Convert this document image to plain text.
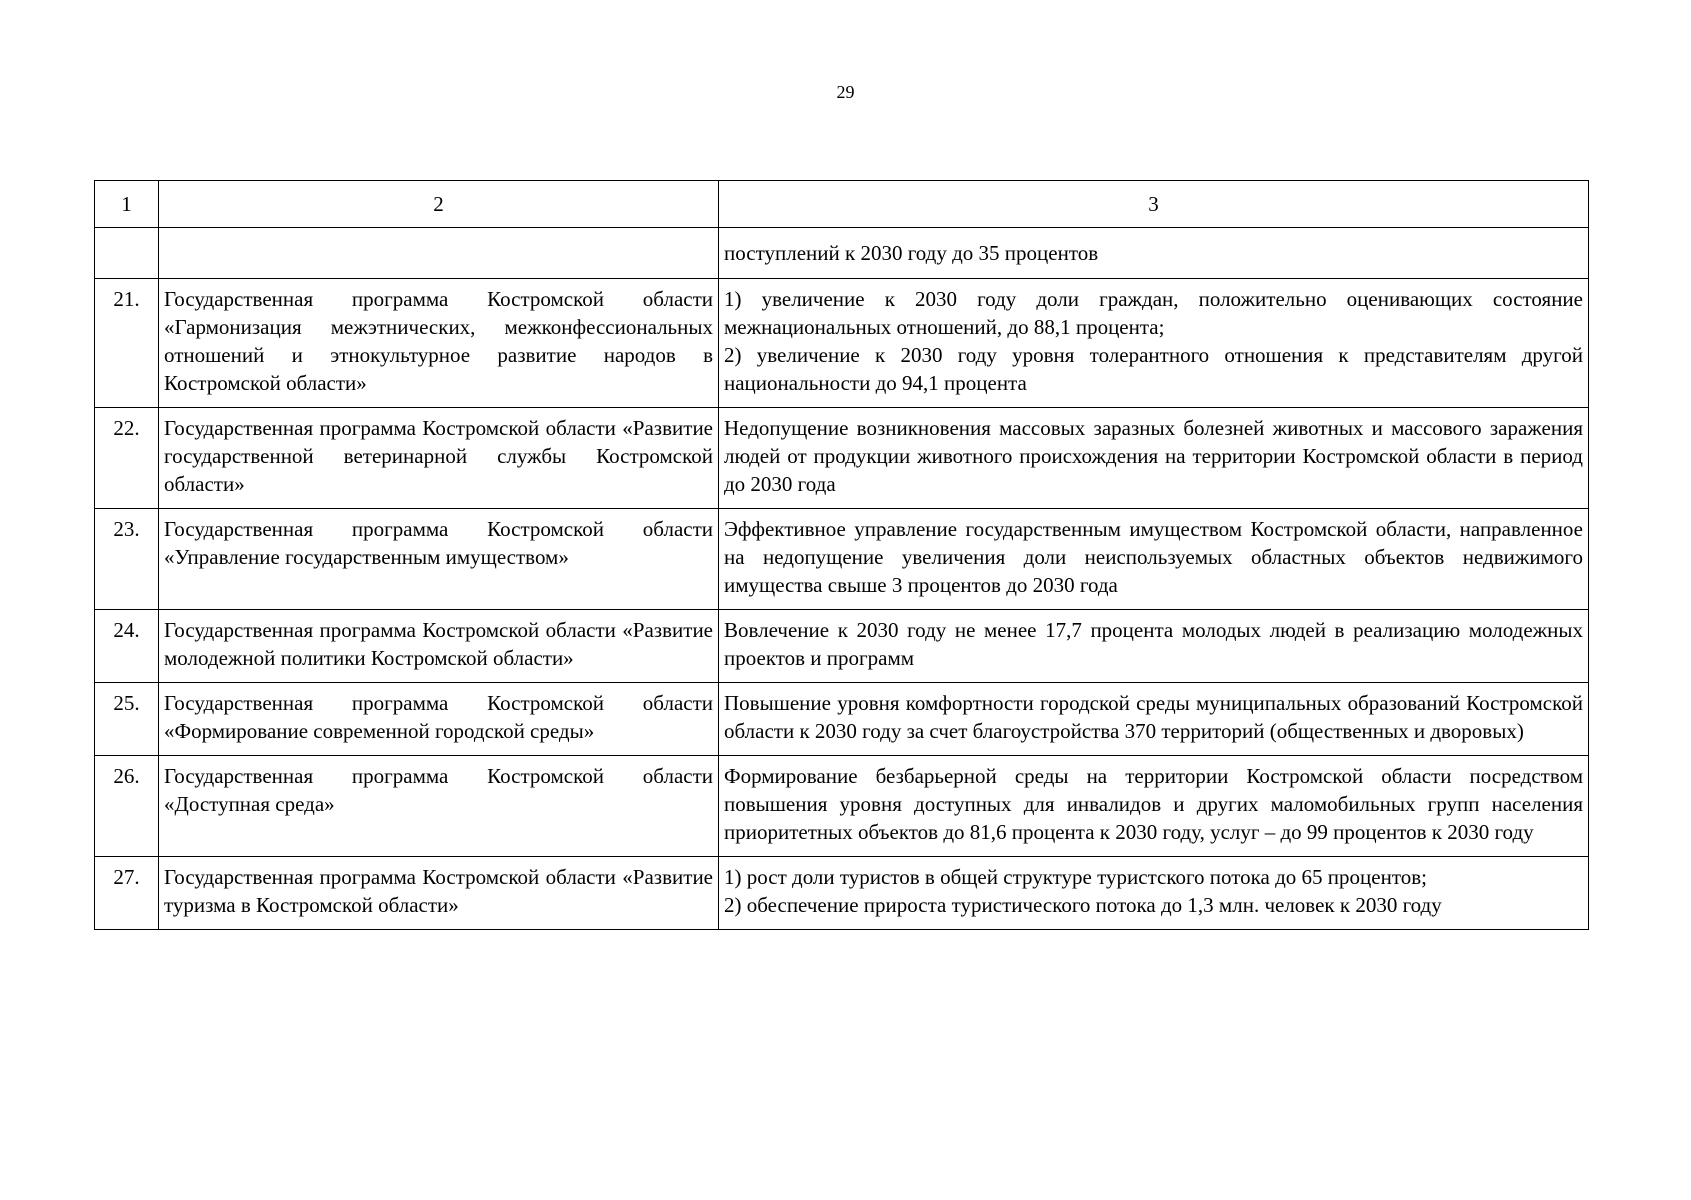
29
1	2	3
		поступлений к 2030 году до 35 процентов
21.	Государственная программа Костромской области «Гармонизация межэтнических, межконфессиональных отношений и этнокультурное развитие народов в Костромской области»	1) увеличение к 2030 году доли граждан, положительно оценивающих состояние межнациональных отношений, до 88,1 процента;
2) увеличение к 2030 году уровня толерантного отношения к представителям другой национальности до 94,1 процента

22.	Государственная программа Костромской области «Развитие государственной ветеринарной службы Костромской области»	Недопущение возникновения массовых заразных болезней животных и массового заражения людей от продукции животного происхождения на территории Костромской области в период до 2030 года

23.	Государственная программа Костромской области «Управление государственным имуществом»	Эффективное управление государственным имуществом Костромской области, направленное на недопущение увеличения доли неиспользуемых областных объектов недвижимого имущества свыше 3 процентов до 2030 года

24.	Государственная программа Костромской области «Развитие молодежной политики Костромской области»	Вовлечение к 2030 году не менее 17,7 процента молодых людей в реализацию молодежных проектов и программ

25.	Государственная программа Костромской области «Формирование современной городской среды»	Повышение уровня комфортности городской среды муниципальных образований Костромской области к 2030 году за счет благоустройства 370 территорий (общественных и дворовых)

26.	Государственная программа Костромской области «Доступная среда»	Формирование безбарьерной среды на территории Костромской области посредством повышения уровня доступных для инвалидов и других маломобильных групп населения приоритетных объектов до 81,6 процента к 2030 году, услуг – до 99 процентов к 2030 году

27.	Государственная программа Костромской области «Развитие туризма в Костромской области»	1) рост доли туристов в общей структуре туристского потока до 65 процентов;
2) обеспечение прироста туристического потока до 1,3 млн. человек к 2030 году
